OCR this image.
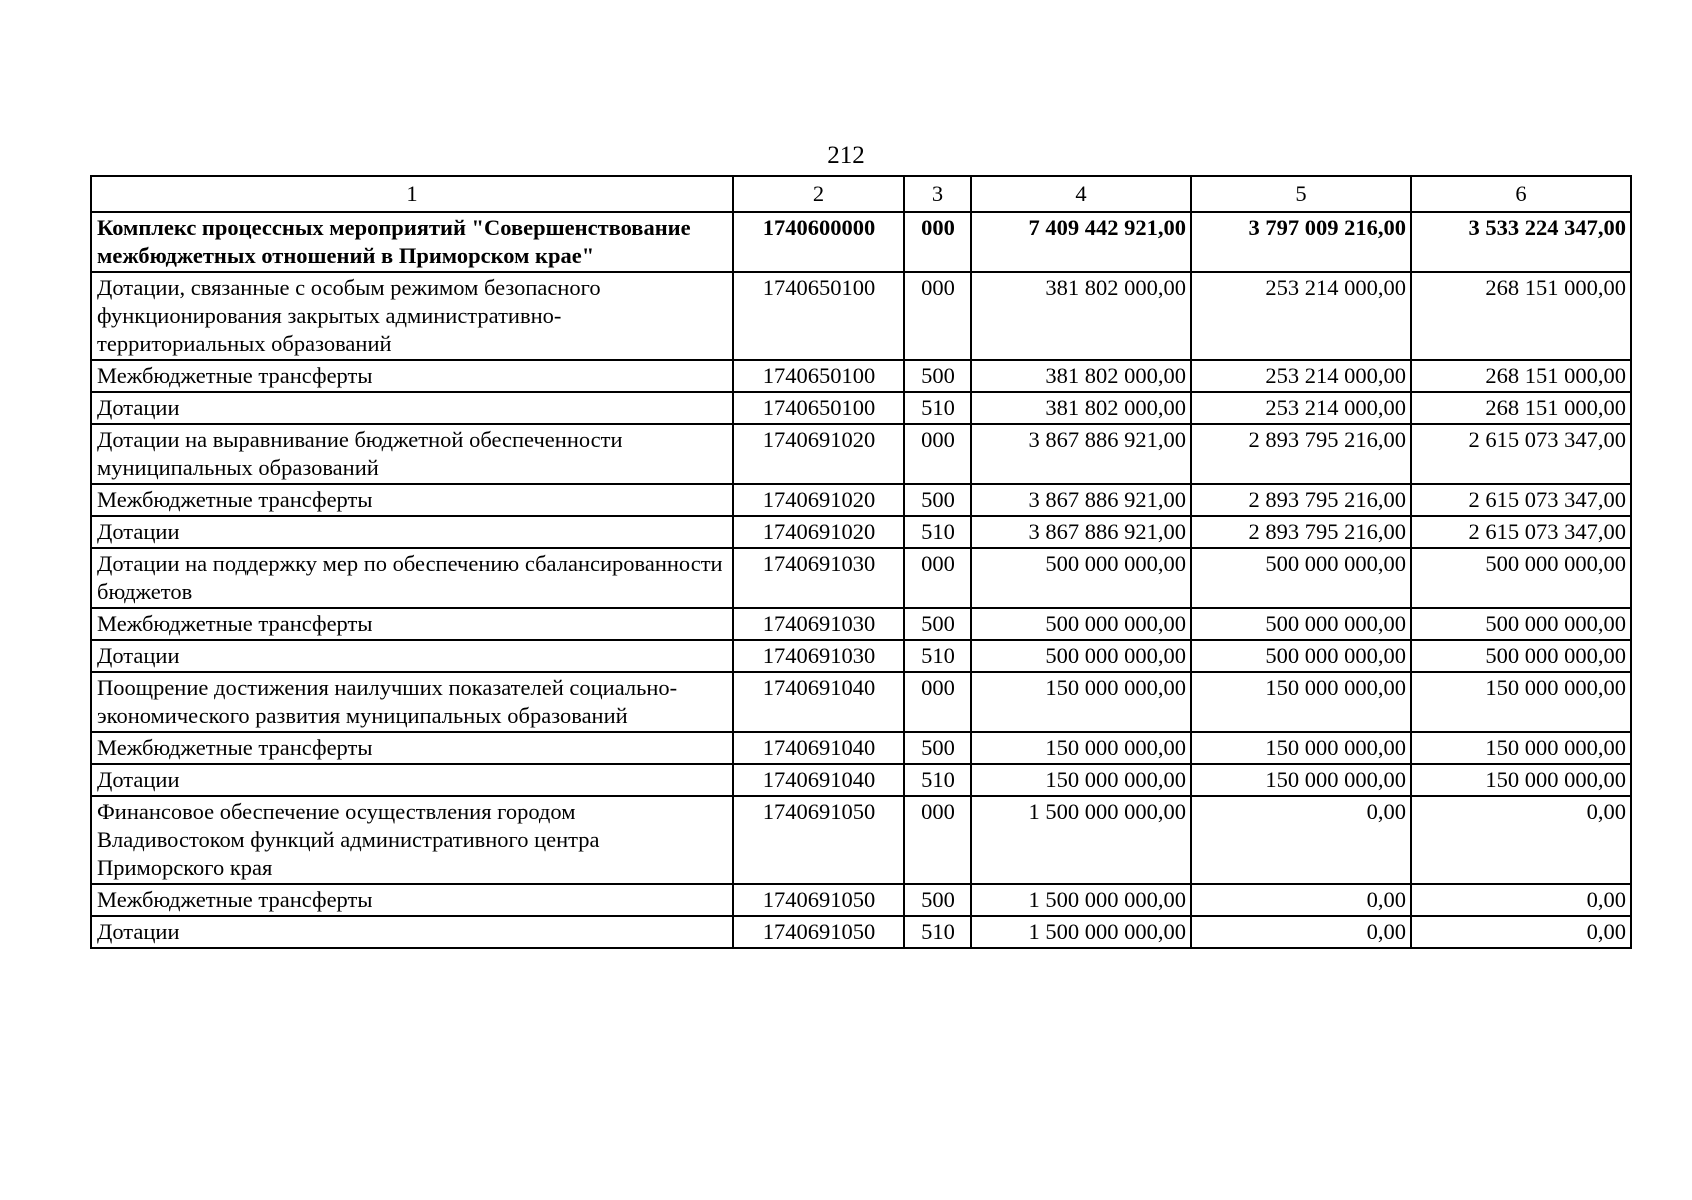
212
1	2	3	4	5	6
Комплекс процессных мероприятий "Совершенствование межбюджетных отношений в Приморском крае"	1740600000	000	7 409 442 921,00	3 797 009 216,00	3 533 224 347,00
Дотации, связанные с особым режимом безопасного функционирования закрытых административно-территориальных образований	1740650100	000	381 802 000,00	253 214 000,00	268 151 000,00
Межбюджетные трансферты	1740650100	500	381 802 000,00	253 214 000,00	268 151 000,00
Дотации	1740650100	510	381 802 000,00	253 214 000,00	268 151 000,00
Дотации на выравнивание бюджетной обеспеченности муниципальных образований	1740691020	000	3 867 886 921,00	2 893 795 216,00	2 615 073 347,00
Межбюджетные трансферты	1740691020	500	3 867 886 921,00	2 893 795 216,00	2 615 073 347,00
Дотации	1740691020	510	3 867 886 921,00	2 893 795 216,00	2 615 073 347,00
Дотации на поддержку мер по обеспечению сбалансированности бюджетов	1740691030	000	500 000 000,00	500 000 000,00	500 000 000,00
Межбюджетные трансферты	1740691030	500	500 000 000,00	500 000 000,00	500 000 000,00
Дотации	1740691030	510	500 000 000,00	500 000 000,00	500 000 000,00
Поощрение достижения наилучших показателей социально-экономического развития муниципальных образований	1740691040	000	150 000 000,00	150 000 000,00	150 000 000,00
Межбюджетные трансферты	1740691040	500	150 000 000,00	150 000 000,00	150 000 000,00
Дотации	1740691040	510	150 000 000,00	150 000 000,00	150 000 000,00
Финансовое обеспечение осуществления городом Владивостоком функций административного центра Приморского края	1740691050	000	1 500 000 000,00	0,00	0,00
Межбюджетные трансферты	1740691050	500	1 500 000 000,00	0,00	0,00
Дотации	1740691050	510	1 500 000 000,00	0,00	0,00
